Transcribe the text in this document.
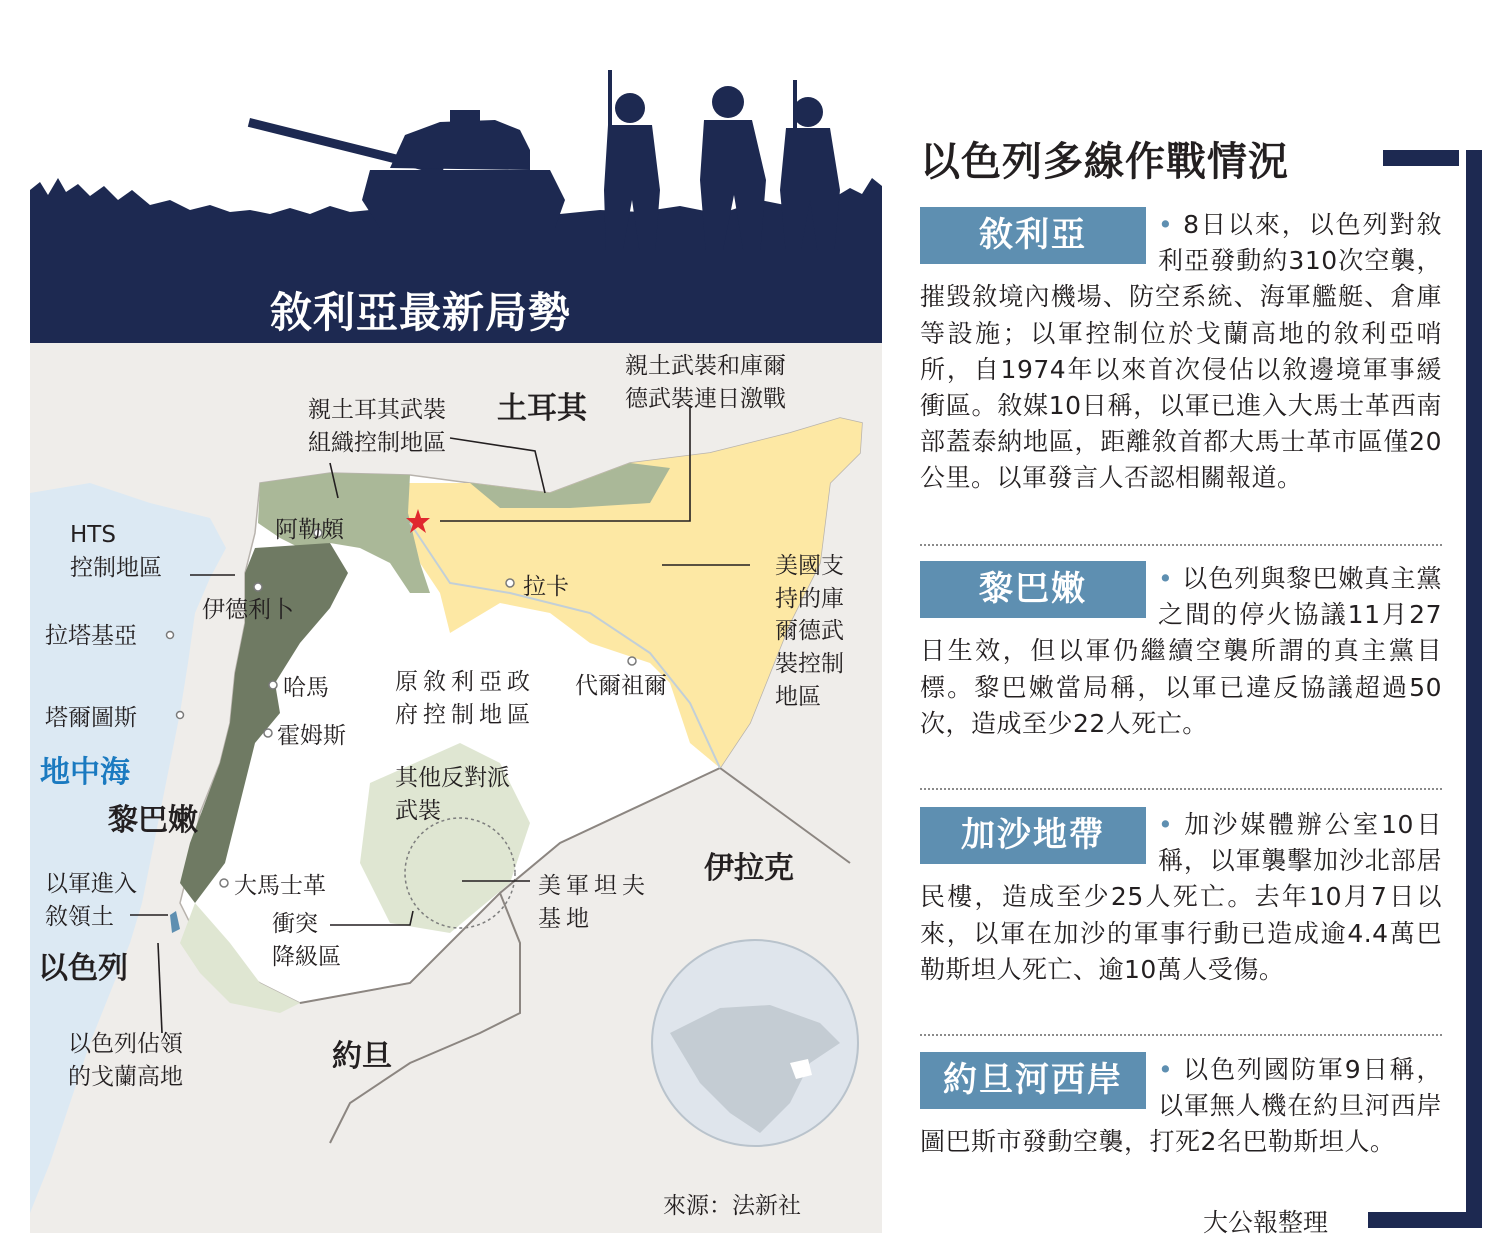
敘利亞最新局勢
土耳其
伊拉克
約旦
黎巴嫩
以色列
地中海
阿勒頗
伊德利卜
拉塔基亞
塔爾圖斯
哈馬
霍姆斯
大馬士革
拉卡
代爾祖爾
HTS
控制地區
親土耳其武裝
組織控制地區
親土武裝和庫爾
德武裝連日激戰
美國支
持的庫
爾德武
裝控制
地區
原敘利亞政
府控制地區
其他反對派
武裝
美軍坦夫
基地
衝突
降級區
以軍進入
敘領土
以色列佔領
的戈蘭高地
來源：法新社
以色列多線作戰情況
敘利亞	• 8日以來，以色列對敘利亞發動約310次空襲，摧毀敘境內機場、防空系統、海軍艦艇、倉庫等設施；以軍控制位於戈蘭高地的敘利亞哨所，自1974年以來首次侵佔以敘邊境軍事緩衝區。敘媒10日稱，以軍已進入大馬士革西南部蓋泰納地區，距離敘首都大馬士革市區僅20公里。以軍發言人否認相關報道。
黎巴嫩	• 以色列與黎巴嫩真主黨之間的停火協議11月27日生效，但以軍仍繼續空襲所謂的真主黨目標。黎巴嫩當局稱，以軍已違反協議超過50次，造成至少22人死亡。
加沙地帶	• 加沙媒體辦公室10日稱，以軍襲擊加沙北部居民樓，造成至少25人死亡。去年10月7日以來，以軍在加沙的軍事行動已造成逾4.4萬巴勒斯坦人死亡、逾10萬人受傷。
約旦河西岸	• 以色列國防軍9日稱，以軍無人機在約旦河西岸圖巴斯市發動空襲，打死2名巴勒斯坦人。
大公報整理
